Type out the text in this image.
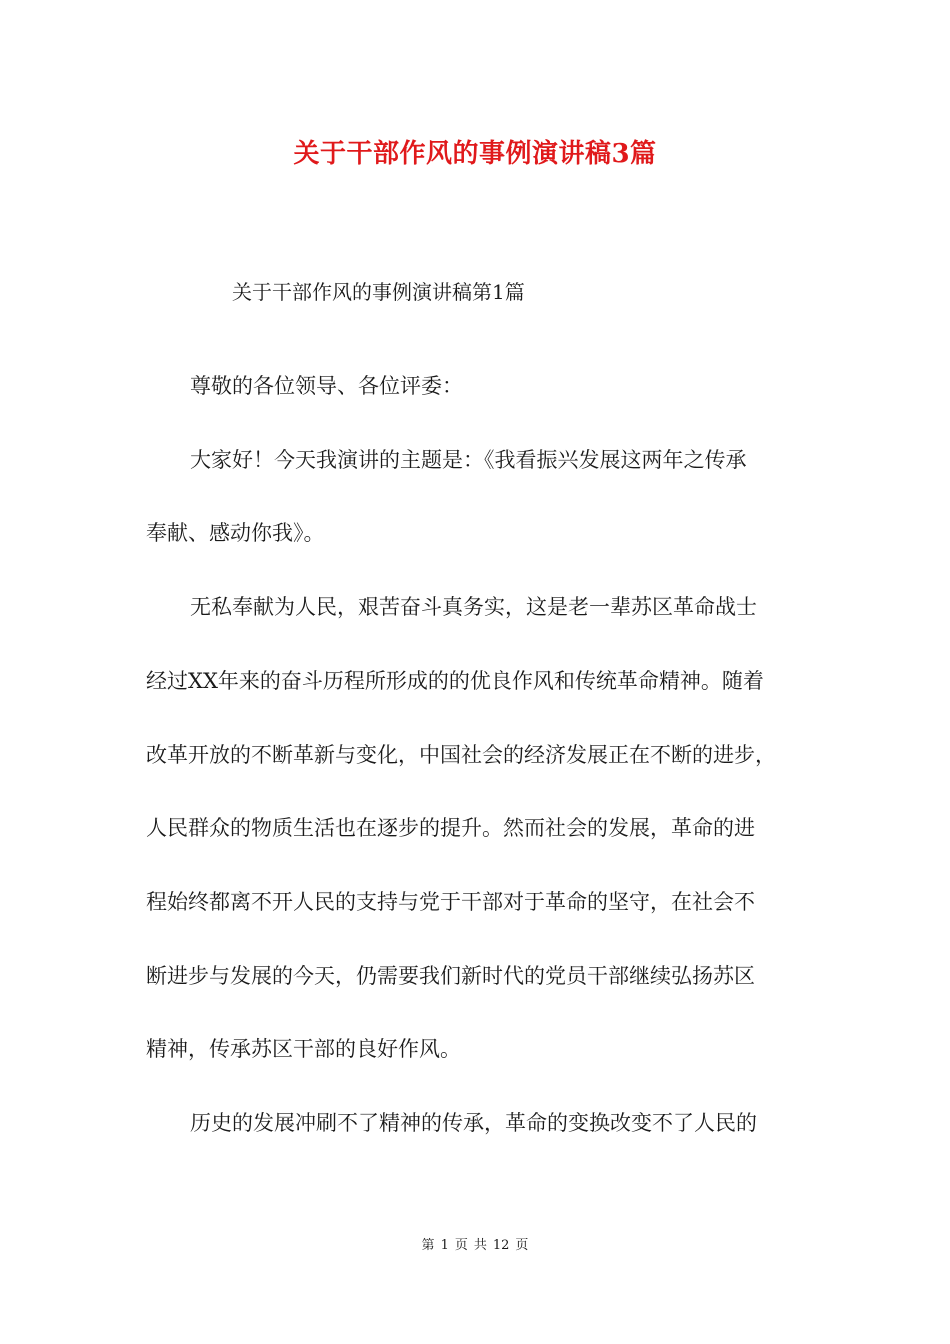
关于干部作风的事例演讲稿3篇
关于干部作风的事例演讲稿第1篇

尊敬的各位领导、各位评委：

大家好！今天我演讲的主题是：《我看振兴发展这两年之传承
奉献、感动你我》。

无私奉献为人民，艰苦奋斗真务实，这是老一辈苏区革命战士
经过XX年来的奋斗历程所形成的的优良作风和传统革命精神。随着
改革开放的不断革新与变化，中国社会的经济发展正在不断的进步，
人民群众的物质生活也在逐步的提升。然而社会的发展，革命的进
程始终都离不开人民的支持与党于干部对于革命的坚守，在社会不
断进步与发展的今天，仍需要我们新时代的党员干部继续弘扬苏区
精神，传承苏区干部的良好作风。

历史的发展冲刷不了精神的传承，革命的变换改变不了人民的

第 1 页 共 12 页
